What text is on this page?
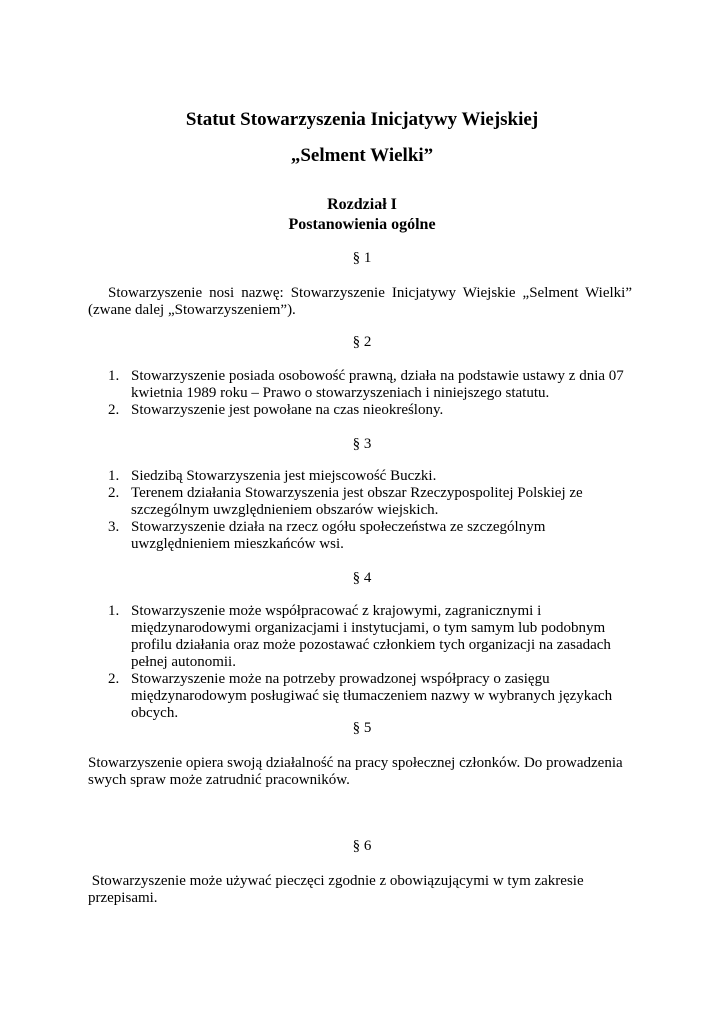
Statut Stowarzyszenia Inicjatywy Wiejskiej
„Selment Wielki”
Rozdział I
Postanowienia ogólne
§ 1
Stowarzyszenie nosi nazwę: Stowarzyszenie Inicjatywy Wiejskie „Selment Wielki”
(zwane dalej „Stowarzyszeniem”).
§ 2
1. Stowarzyszenie posiada osobowość prawną, działa na podstawie ustawy z dnia 07
kwietnia 1989 roku – Prawo o stowarzyszeniach i niniejszego statutu.
2. Stowarzyszenie jest powołane na czas nieokreślony.
§ 3
1. Siedzibą Stowarzyszenia jest miejscowość Buczki.
2. Terenem działania Stowarzyszenia jest obszar Rzeczypospolitej Polskiej ze
szczególnym uwzględnieniem obszarów wiejskich.
3. Stowarzyszenie działa na rzecz ogółu społeczeństwa ze szczególnym
uwzględnieniem mieszkańców wsi.
§ 4
1. Stowarzyszenie może współpracować z krajowymi, zagranicznymi i
międzynarodowymi organizacjami i instytucjami, o tym samym lub podobnym
profilu działania oraz może pozostawać członkiem tych organizacji na zasadach
pełnej autonomii.
2. Stowarzyszenie może na potrzeby prowadzonej współpracy o zasięgu
międzynarodowym posługiwać się tłumaczeniem nazwy w wybranych językach
obcych.
§ 5
Stowarzyszenie opiera swoją działalność na pracy społecznej członków. Do prowadzenia
swych spraw może zatrudnić pracowników.
§ 6
Stowarzyszenie może używać pieczęci zgodnie z obowiązującymi w tym zakresie
przepisami.
